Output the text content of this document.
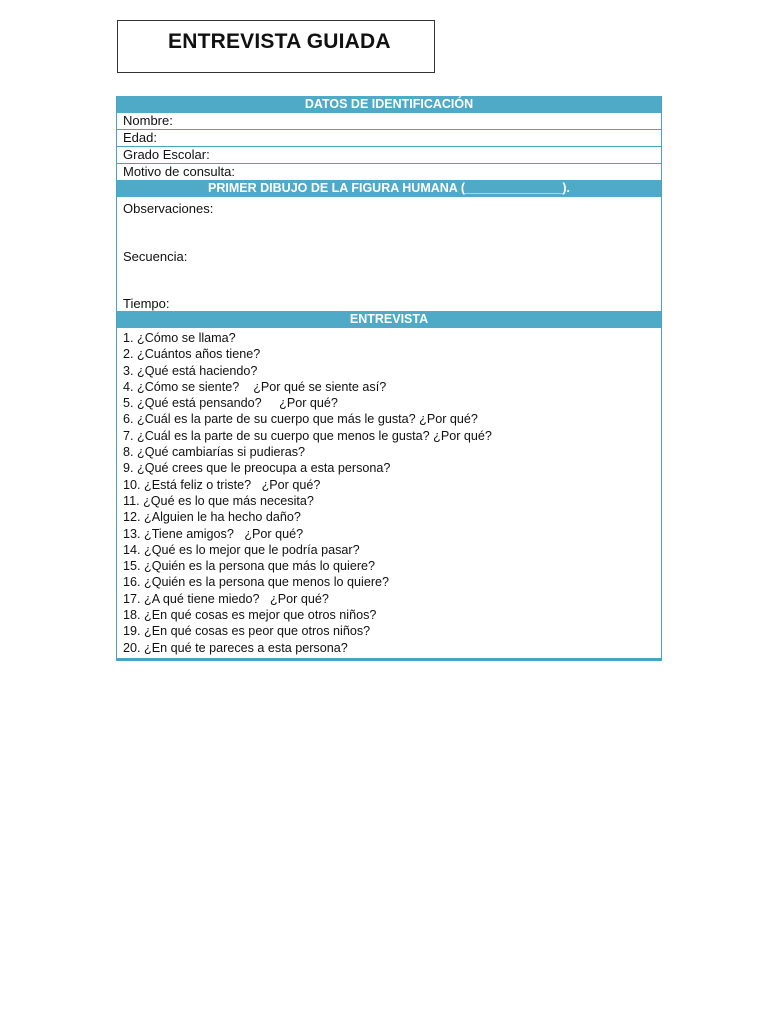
ENTREVISTA GUIADA
DATOS DE IDENTIFICACIÓN
Nombre:
Edad:
Grado Escolar:
Motivo de consulta:
PRIMER DIBUJO DE LA FIGURA HUMANA (______________).
Observaciones:
Secuencia:
Tiempo:
ENTREVISTA
1. ¿Cómo se llama?
2. ¿Cuántos años tiene?
3. ¿Qué está haciendo?
4. ¿Cómo se siente?    ¿Por qué se siente así?
5. ¿Qué está pensando?     ¿Por qué?
6. ¿Cuál es la parte de su cuerpo que más le gusta? ¿Por qué?
7. ¿Cuál es la parte de su cuerpo que menos le gusta? ¿Por qué?
8. ¿Qué cambiarías si pudieras?
9. ¿Qué crees que le preocupa a esta persona?
10. ¿Está feliz o triste?   ¿Por qué?
11. ¿Qué es lo que más necesita?
12. ¿Alguien le ha hecho daño?
13. ¿Tiene amigos?   ¿Por qué?
14. ¿Qué es lo mejor que le podría pasar?
15. ¿Quién es la persona que más lo quiere?
16. ¿Quién es la persona que menos lo quiere?
17. ¿A qué tiene miedo?   ¿Por qué?
18. ¿En qué cosas es mejor que otros niños?
19. ¿En qué cosas es peor que otros niños?
20. ¿En qué te pareces a esta persona?
